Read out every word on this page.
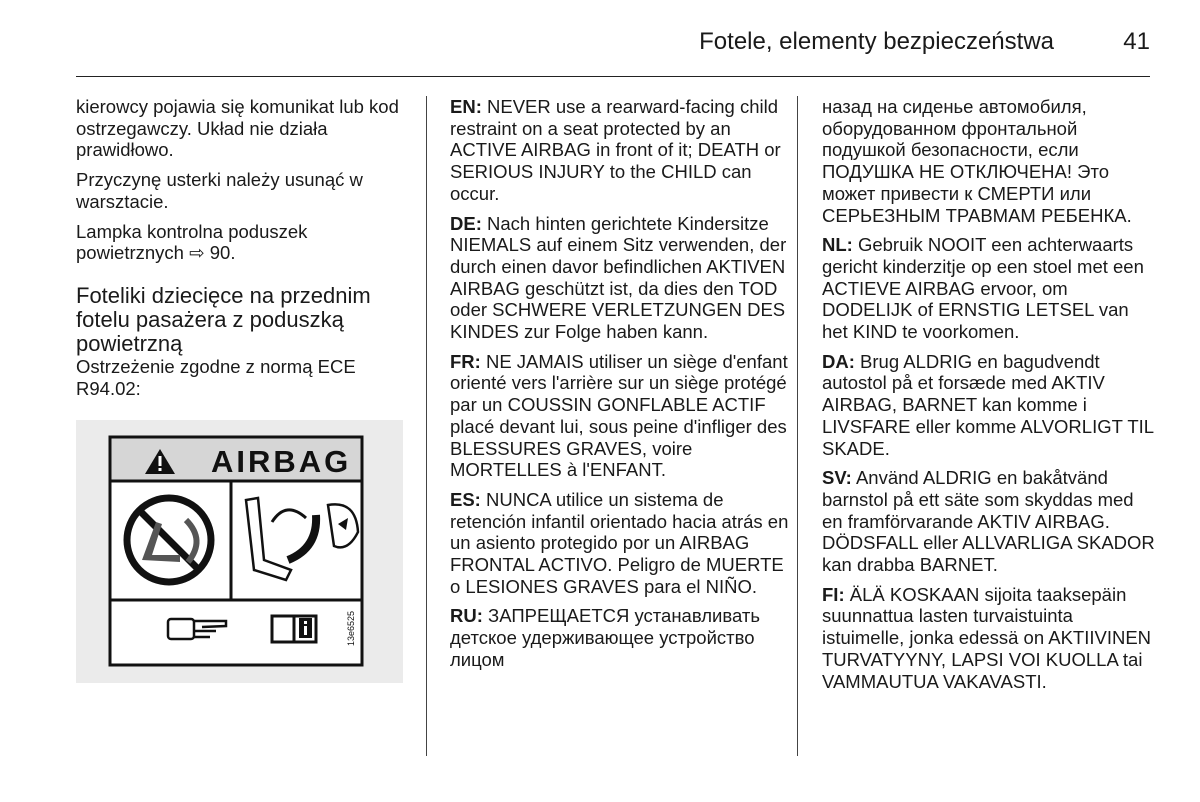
Fotele, elementy bezpieczeństwa	41

kierowcy pojawia się komunikat lub kod ostrzegawczy. Układ nie działa prawidłowo.

Przyczynę usterki należy usunąć w warsztacie.

Lampka kontrolna poduszek powietrznych ⇨ 90.

Foteliki dziecięce na przednim fotelu pasażera z poduszką powietrzną

Ostrzeżenie zgodne z normą ECE R94.02:

AIRBAG
13e6525

EN: NEVER use a rearward-facing child restraint on a seat protected by an ACTIVE AIRBAG in front of it; DEATH or SERIOUS INJURY to the CHILD can occur.

DE: Nach hinten gerichtete Kindersitze NIEMALS auf einem Sitz verwenden, der durch einen davor befindlichen AKTIVEN AIRBAG geschützt ist, da dies den TOD oder SCHWERE VERLETZUNGEN DES KINDES zur Folge haben kann.

FR: NE JAMAIS utiliser un siège d'enfant orienté vers l'arrière sur un siège protégé par un COUSSIN GONFLABLE ACTIF placé devant lui, sous peine d'infliger des BLESSURES GRAVES, voire MORTELLES à l'ENFANT.

ES: NUNCA utilice un sistema de retención infantil orientado hacia atrás en un asiento protegido por un AIRBAG FRONTAL ACTIVO. Peligro de MUERTE o LESIONES GRAVES para el NIÑO.

RU: ЗАПРЕЩАЕТСЯ устанавливать детское удерживающее устройство лицом

назад на сиденье автомобиля, оборудованном фронтальной подушкой безопасности, если ПОДУШКА НЕ ОТКЛЮЧЕНА! Это может привести к СМЕРТИ или СЕРЬЕЗНЫМ ТРАВМАМ РЕБЕНКА.

NL: Gebruik NOOIT een achterwaarts gericht kinderzitje op een stoel met een ACTIEVE AIRBAG ervoor, om DODELIJK of ERNSTIG LETSEL van het KIND te voorkomen.

DA: Brug ALDRIG en bagudvendt autostol på et forsæde med AKTIV AIRBAG, BARNET kan komme i LIVSFARE eller komme ALVORLIGT TIL SKADE.

SV: Använd ALDRIG en bakåtvänd barnstol på ett säte som skyddas med en framförvarande AKTIV AIRBAG. DÖDSFALL eller ALLVARLIGA SKADOR kan drabba BARNET.

FI: ÄLÄ KOSKAAN sijoita taaksepäin suunnattua lasten turvaistuinta istuimelle, jonka edessä on AKTIIVINEN TURVATYYNY, LAPSI VOI KUOLLA tai VAMMAUTUA VAKAVASTI.
